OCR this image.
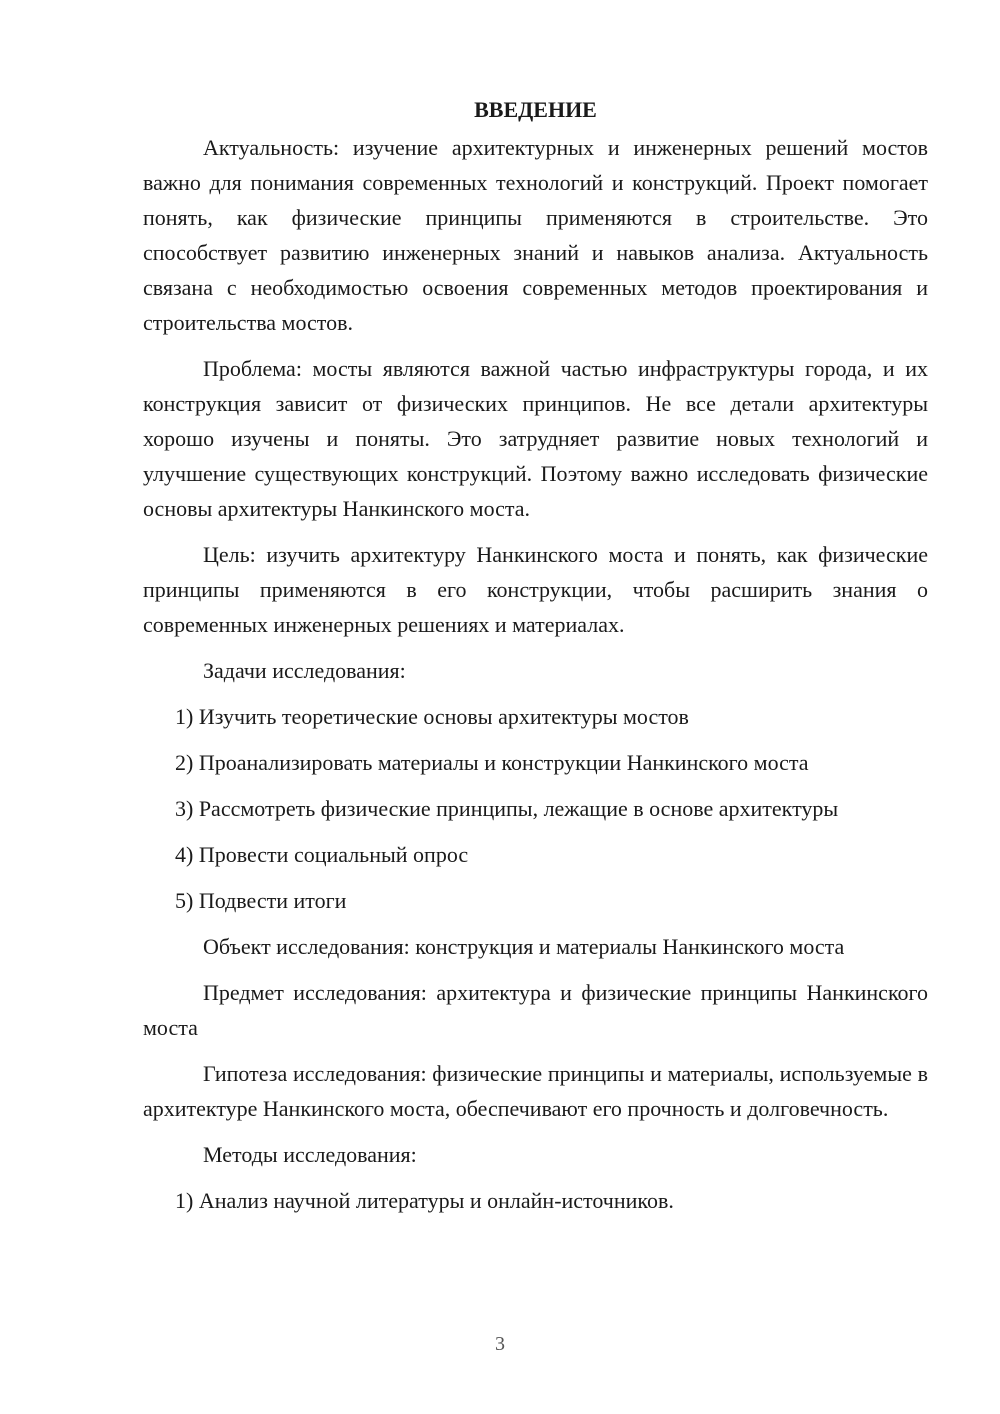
ВВЕДЕНИЕ

Актуальность: изучение архитектурных и инженерных решений мостов важно для понимания современных технологий и конструкций. Проект помогает понять, как физические принципы применяются в строительстве. Это способствует развитию инженерных знаний и навыков анализа. Актуальность связана с необходимостью освоения современных методов проектирования и строительства мостов.

Проблема: мосты являются важной частью инфраструктуры города, и их конструкция зависит от физических принципов. Не все детали архитектуры хорошо изучены и поняты. Это затрудняет развитие новых технологий и улучшение существующих конструкций. Поэтому важно исследовать физические основы архитектуры Нанкинского моста.

Цель: изучить архитектуру Нанкинского моста и понять, как физические принципы применяются в его конструкции, чтобы расширить знания о современных инженерных решениях и материалах.

Задачи исследования:

1) Изучить теоретические основы архитектуры мостов

2) Проанализировать материалы и конструкции Нанкинского моста

3) Рассмотреть физические принципы, лежащие в основе архитектуры

4) Провести социальный опрос

5) Подвести итоги

Объект исследования: конструкция и материалы Нанкинского моста

Предмет исследования: архитектура и физические принципы Нанкинского моста

Гипотеза исследования: физические принципы и материалы, используемые в архитектуре Нанкинского моста, обеспечивают его прочность и долговечность.

Методы исследования:

1) Анализ научной литературы и онлайн-источников.

3
